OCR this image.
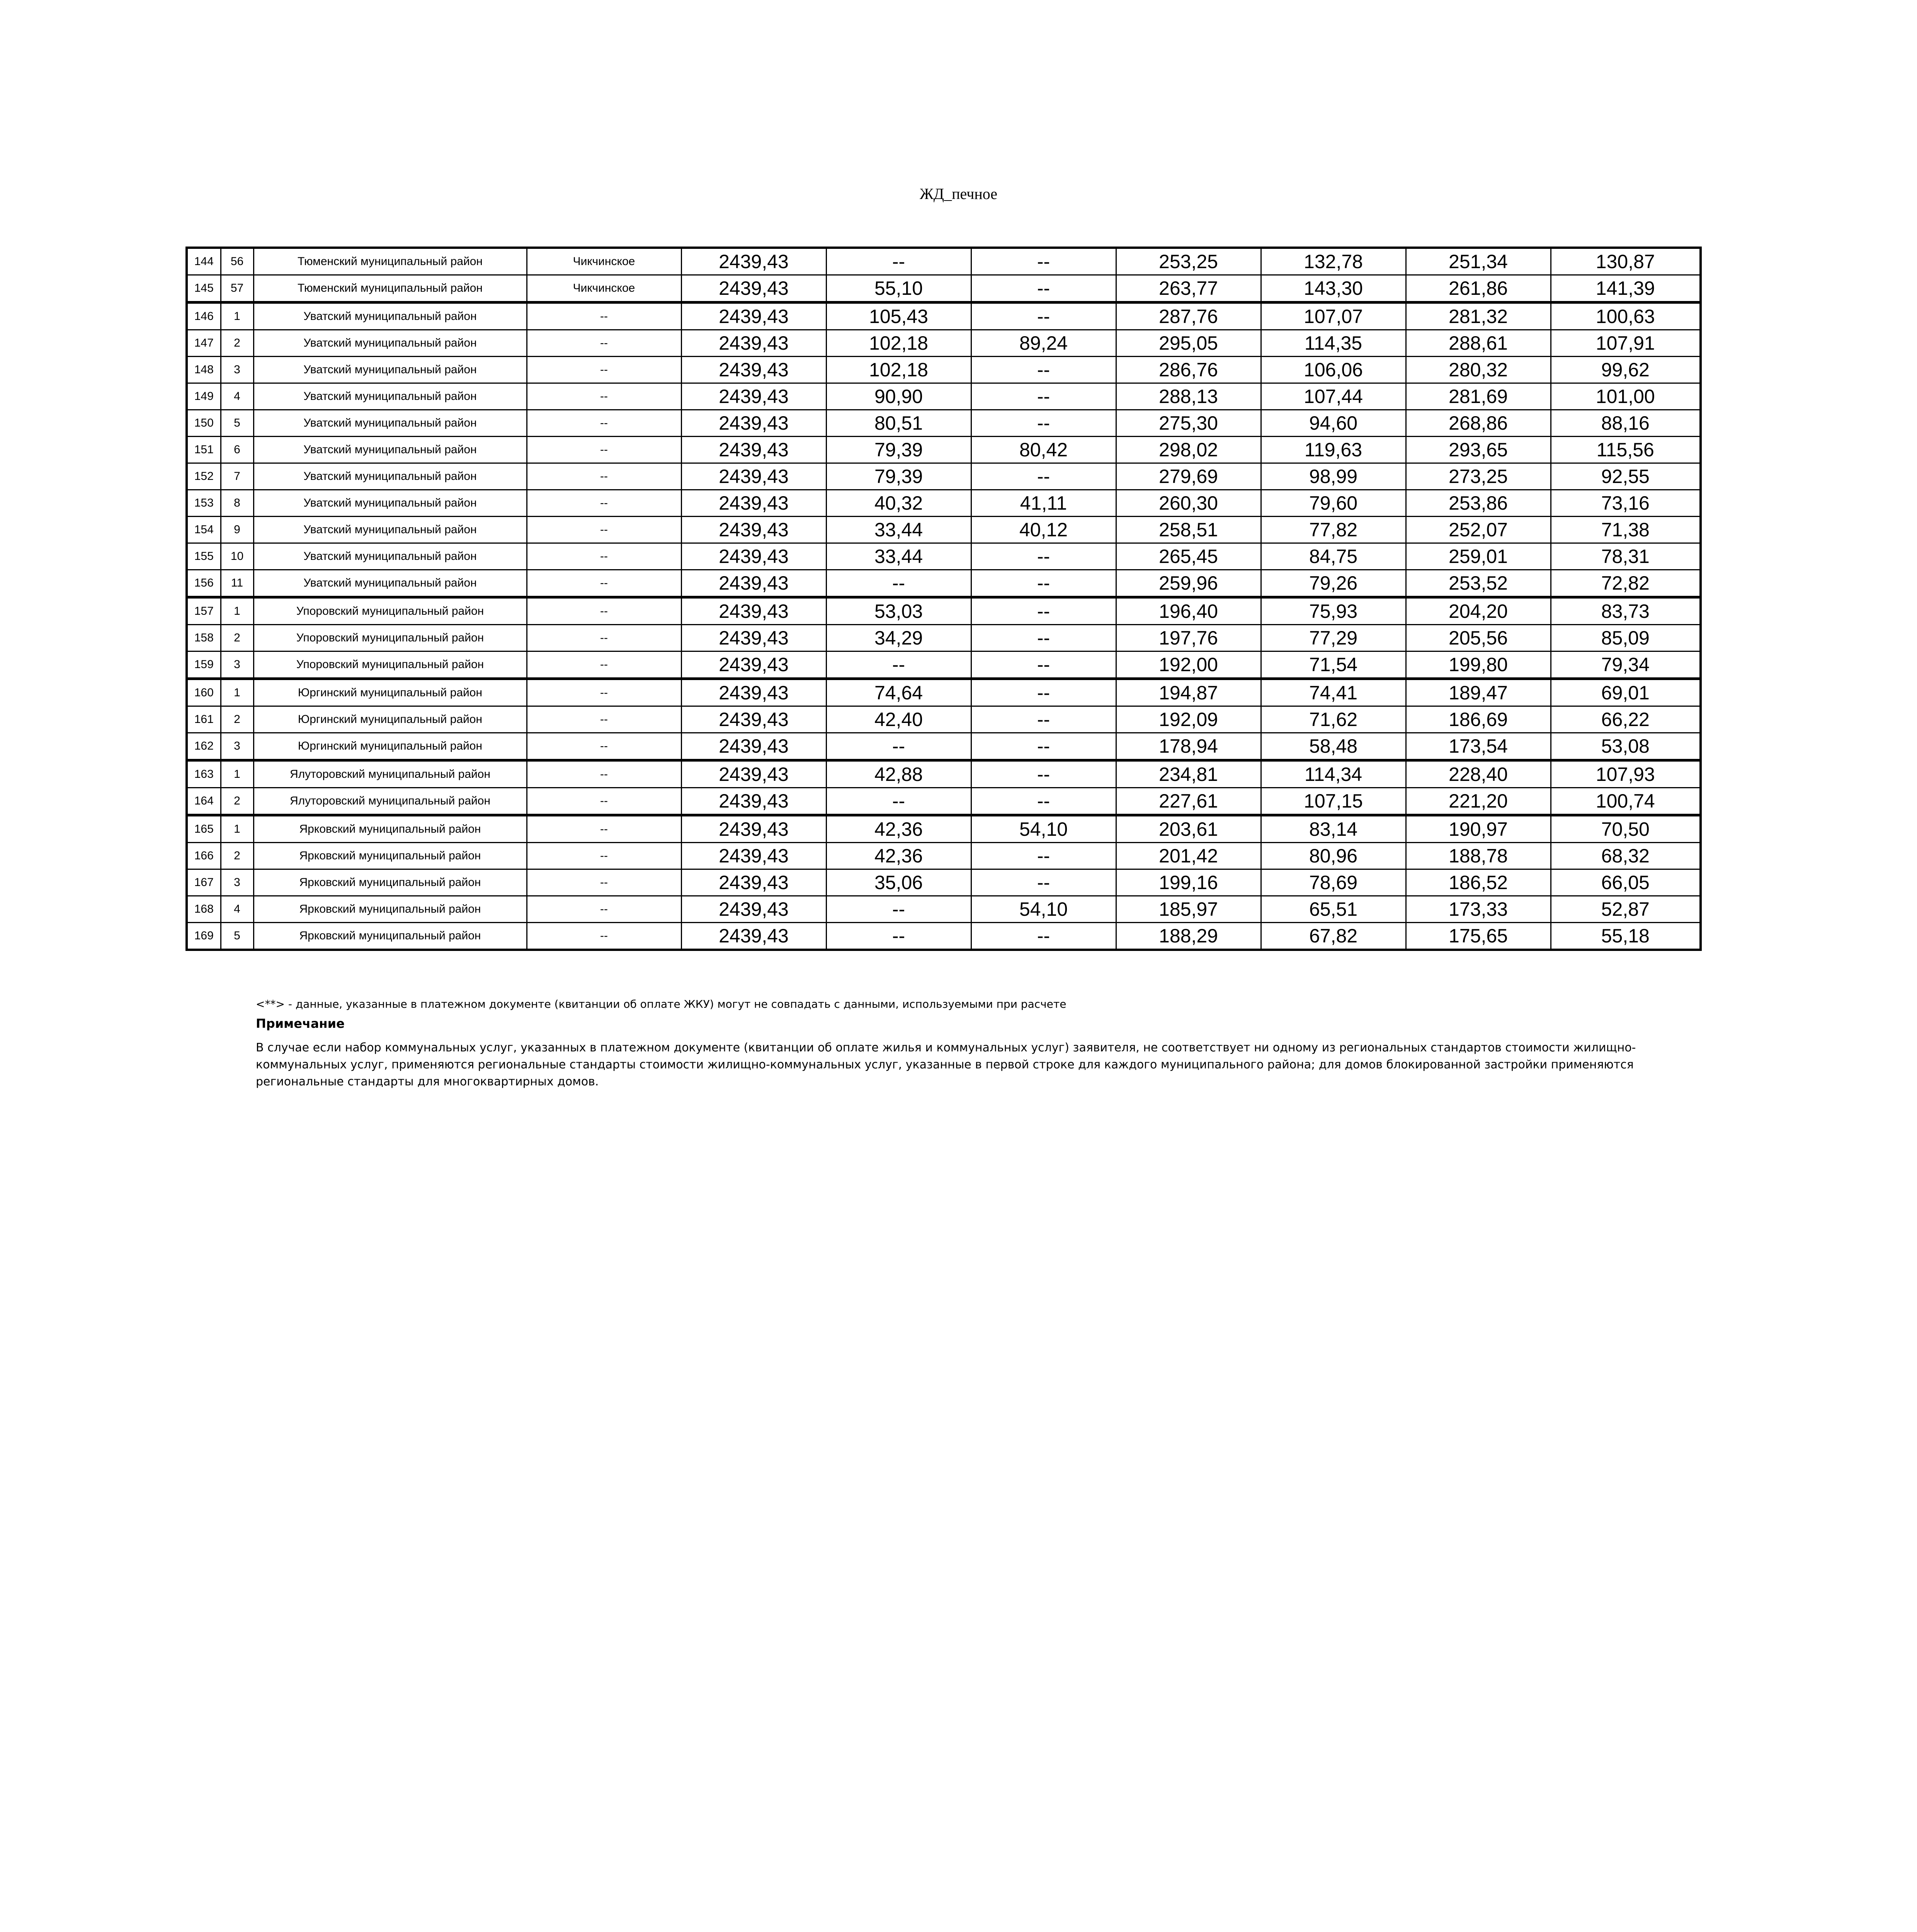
ЖД_печное
144	56	Тюменский муниципальный район	Чикчинское	2439,43	--	--	253,25	132,78	251,34	130,87
145	57	Тюменский муниципальный район	Чикчинское	2439,43	55,10	--	263,77	143,30	261,86	141,39
146	1	Уватский муниципальный район	--	2439,43	105,43	--	287,76	107,07	281,32	100,63
147	2	Уватский муниципальный район	--	2439,43	102,18	89,24	295,05	114,35	288,61	107,91
148	3	Уватский муниципальный район	--	2439,43	102,18	--	286,76	106,06	280,32	99,62
149	4	Уватский муниципальный район	--	2439,43	90,90	--	288,13	107,44	281,69	101,00
150	5	Уватский муниципальный район	--	2439,43	80,51	--	275,30	94,60	268,86	88,16
151	6	Уватский муниципальный район	--	2439,43	79,39	80,42	298,02	119,63	293,65	115,56
152	7	Уватский муниципальный район	--	2439,43	79,39	--	279,69	98,99	273,25	92,55
153	8	Уватский муниципальный район	--	2439,43	40,32	41,11	260,30	79,60	253,86	73,16
154	9	Уватский муниципальный район	--	2439,43	33,44	40,12	258,51	77,82	252,07	71,38
155	10	Уватский муниципальный район	--	2439,43	33,44	--	265,45	84,75	259,01	78,31
156	11	Уватский муниципальный район	--	2439,43	--	--	259,96	79,26	253,52	72,82
157	1	Упоровский муниципальный район	--	2439,43	53,03	--	196,40	75,93	204,20	83,73
158	2	Упоровский муниципальный район	--	2439,43	34,29	--	197,76	77,29	205,56	85,09
159	3	Упоровский муниципальный район	--	2439,43	--	--	192,00	71,54	199,80	79,34
160	1	Юргинский муниципальный район	--	2439,43	74,64	--	194,87	74,41	189,47	69,01
161	2	Юргинский муниципальный район	--	2439,43	42,40	--	192,09	71,62	186,69	66,22
162	3	Юргинский муниципальный район	--	2439,43	--	--	178,94	58,48	173,54	53,08
163	1	Ялуторовский муниципальный район	--	2439,43	42,88	--	234,81	114,34	228,40	107,93
164	2	Ялуторовский муниципальный район	--	2439,43	--	--	227,61	107,15	221,20	100,74
165	1	Ярковский муниципальный район	--	2439,43	42,36	54,10	203,61	83,14	190,97	70,50
166	2	Ярковский муниципальный район	--	2439,43	42,36	--	201,42	80,96	188,78	68,32
167	3	Ярковский муниципальный район	--	2439,43	35,06	--	199,16	78,69	186,52	66,05
168	4	Ярковский муниципальный район	--	2439,43	--	54,10	185,97	65,51	173,33	52,87
169	5	Ярковский муниципальный район	--	2439,43	--	--	188,29	67,82	175,65	55,18
<**> - данные, указанные в платежном документе (квитанции об оплате ЖКУ) могут не совпадать с данными, используемыми при расчете
Примечание
В случае если набор коммунальных услуг, указанных в платежном документе (квитанции об оплате жилья и коммунальных услуг) заявителя, не соответствует ни одному из региональных стандартов стоимости жилищно-коммунальных услуг, применяются региональные стандарты стоимости жилищно-коммунальных услуг, указанные в первой строке для каждого муниципального района; для домов блокированной застройки применяются региональные стандарты для многоквартирных домов.
